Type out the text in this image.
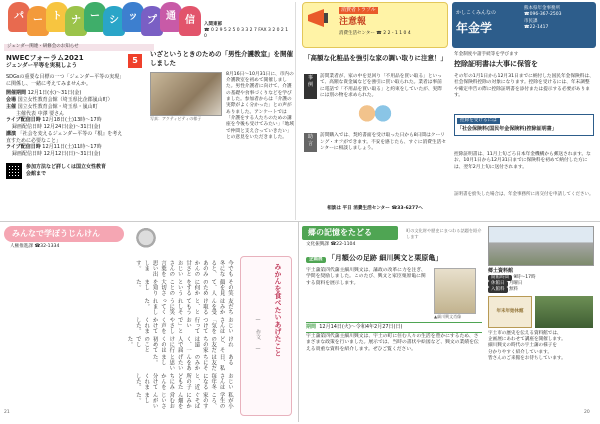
パ ー ト ナ ー シ ッ プ 通 信	入間東部
☎ 0 2 9 5 2 5 0 3 3 2 7 FAX 3 2 0 2 1 0
ジェンダー関連・研修会のお知らせ
NWECフォーラム2021
ジェンダー平等を実現しよう

SDGsの重要な目標の一つ「ジェンダー平等の実現」に関係し、一緒に考えてみませんか。

開催期間 12月1日(水)〜31日(金)
会場 国立女性教育会館（埼玉県比企郡嵐山町）
主催 国立女性教育会館・埼玉県・嵐山町
主催代表 中澤 要さん
ライブ配信日時 12月18日(土)13時〜17時
録画配信日時 12月24日(金)〜31日(金)
講演 「社会を変えるジェンダー平等の『根』を考え直すために必要なこと」
ライブ配信日時 12月11日(土)11時〜17時
録画配信日時 12月12日(日)〜31日(金)
参加方法など詳しくは国立女性教育会館まで
5
いざというときのための「男性介護教室」を開催しました
写真：アクティビティの様子

8月16日〜10月31日に、市内の介護教室を初めて開催しました。男性介護者に向けて、介護の基礎や食事づくりなどを学びました。参加者からは「介護の実際がよく分かった」との声がありました。アンケートでは「介護をする人たちのための講座を今後も受けてみたい」「地域で仲間と支え合っていきたい」との意見をいただきました。

消費者トラブル
注意報
消費生活センター ☎ 2 2 - 1 1 0 4
「高額な化粧品を強引な家の調い取りに注意！」
事例

訪問業者が、家の中を見回り「不用品を買い取る」といって、高額な貴金属などを強引に買い取られた。業者は事前に電話で「不用品を買い取る」と約束をしていたが、実際には別の物を求められた。

助言

訪問購入では、契約書面を受け取った日から8日間はクーリング・オフができます。不安を感じたら、すぐに消費生活センターに相談しましょう。

相談は 平日 消費生活センター ☎33-6277へ
かしこくみんなの
年金学
熊本県年金事務所
☎096-367-2503
市民課
☎22-1417
年金制度や諸手続等を学びます
控除証明書は大事に保管を

その年の1月1日から12月31日までに納付した国民年金保険料は、社会保険料控除の対象になります。控除を受けるには、年末調整や確定申告の際に控除証明書を添付または提示する必要があります。

控除を受けるには
「社会保険料(国民年金保険料)控除証明書」

控除証明書は、11月上旬ごろ日本年金機構から郵送されます。なお、10月1日から12月31日までに保険料を初めて納付した方には、翌年2月上旬に送付されます。

証明書を紛失した場合は、年金事務所に再交付を申請してください。

みんなで学ぼうじんけん
人権推進課 ☎32-1334
私が小学生のころ、家のすぐそばにみかん畑を営むおじいさんがいました。
おじいさんは毎年冬になると、近所の子どもたちにみかんを分けてくれました。
ある日、私は友だちにそのみかんをあげたいと思いました。
けれど、その友だちの家は遠く、一人で届けに行くのは初めてのことでした。
おじいさんは「気をつけて行っておいで」とやさしく声をかけてくれました。
友だちはみかんを受け取ると、とてもうれしそうに笑ってくれました。
その笑顔を見て、人のために何かをするということの大切さを知りました。
今でも冬になると、あのみかんの甘さとおじいさんの言葉を思い出します。	みかんを食べたいあげたこと
— 作文 —
21
郷の記憶をたどる
文化振興課 ☎22-1104
町の文化財や歴史にまつわる話題を紹介します
企画展 「月額公の足跡 細川興文と栗原亀」
▲細川興文肖像

宇土藩第四代藩主細川興文は、藩政の改革に力を注ぎ、学問を奨励しました。このたび、興文と家臣栗原亀に関する資料を展示します。

期間 12月14日(火)〜令和4年2月27日(日)

宇土藩第四代藩主細川興文は、宇土の町に住む人々の生活を豊かにするため、さまざまな政策を行いました。展示では、当時の書状や絵図など、興文の業績を伝える貴重な資料を紹介します。ぜひご覧ください。

郷土資料館
開館時間 9時〜17時
休館日 月曜日
入館料 無料
年末年始休館
宇土市の歴史を伝える資料館では、
企画展にあわせて講座を開催します。
細川興文の時代の宇土藩の様子を
分かりやすく紹介しています。
皆さんのご来館をお待ちしています。
20
